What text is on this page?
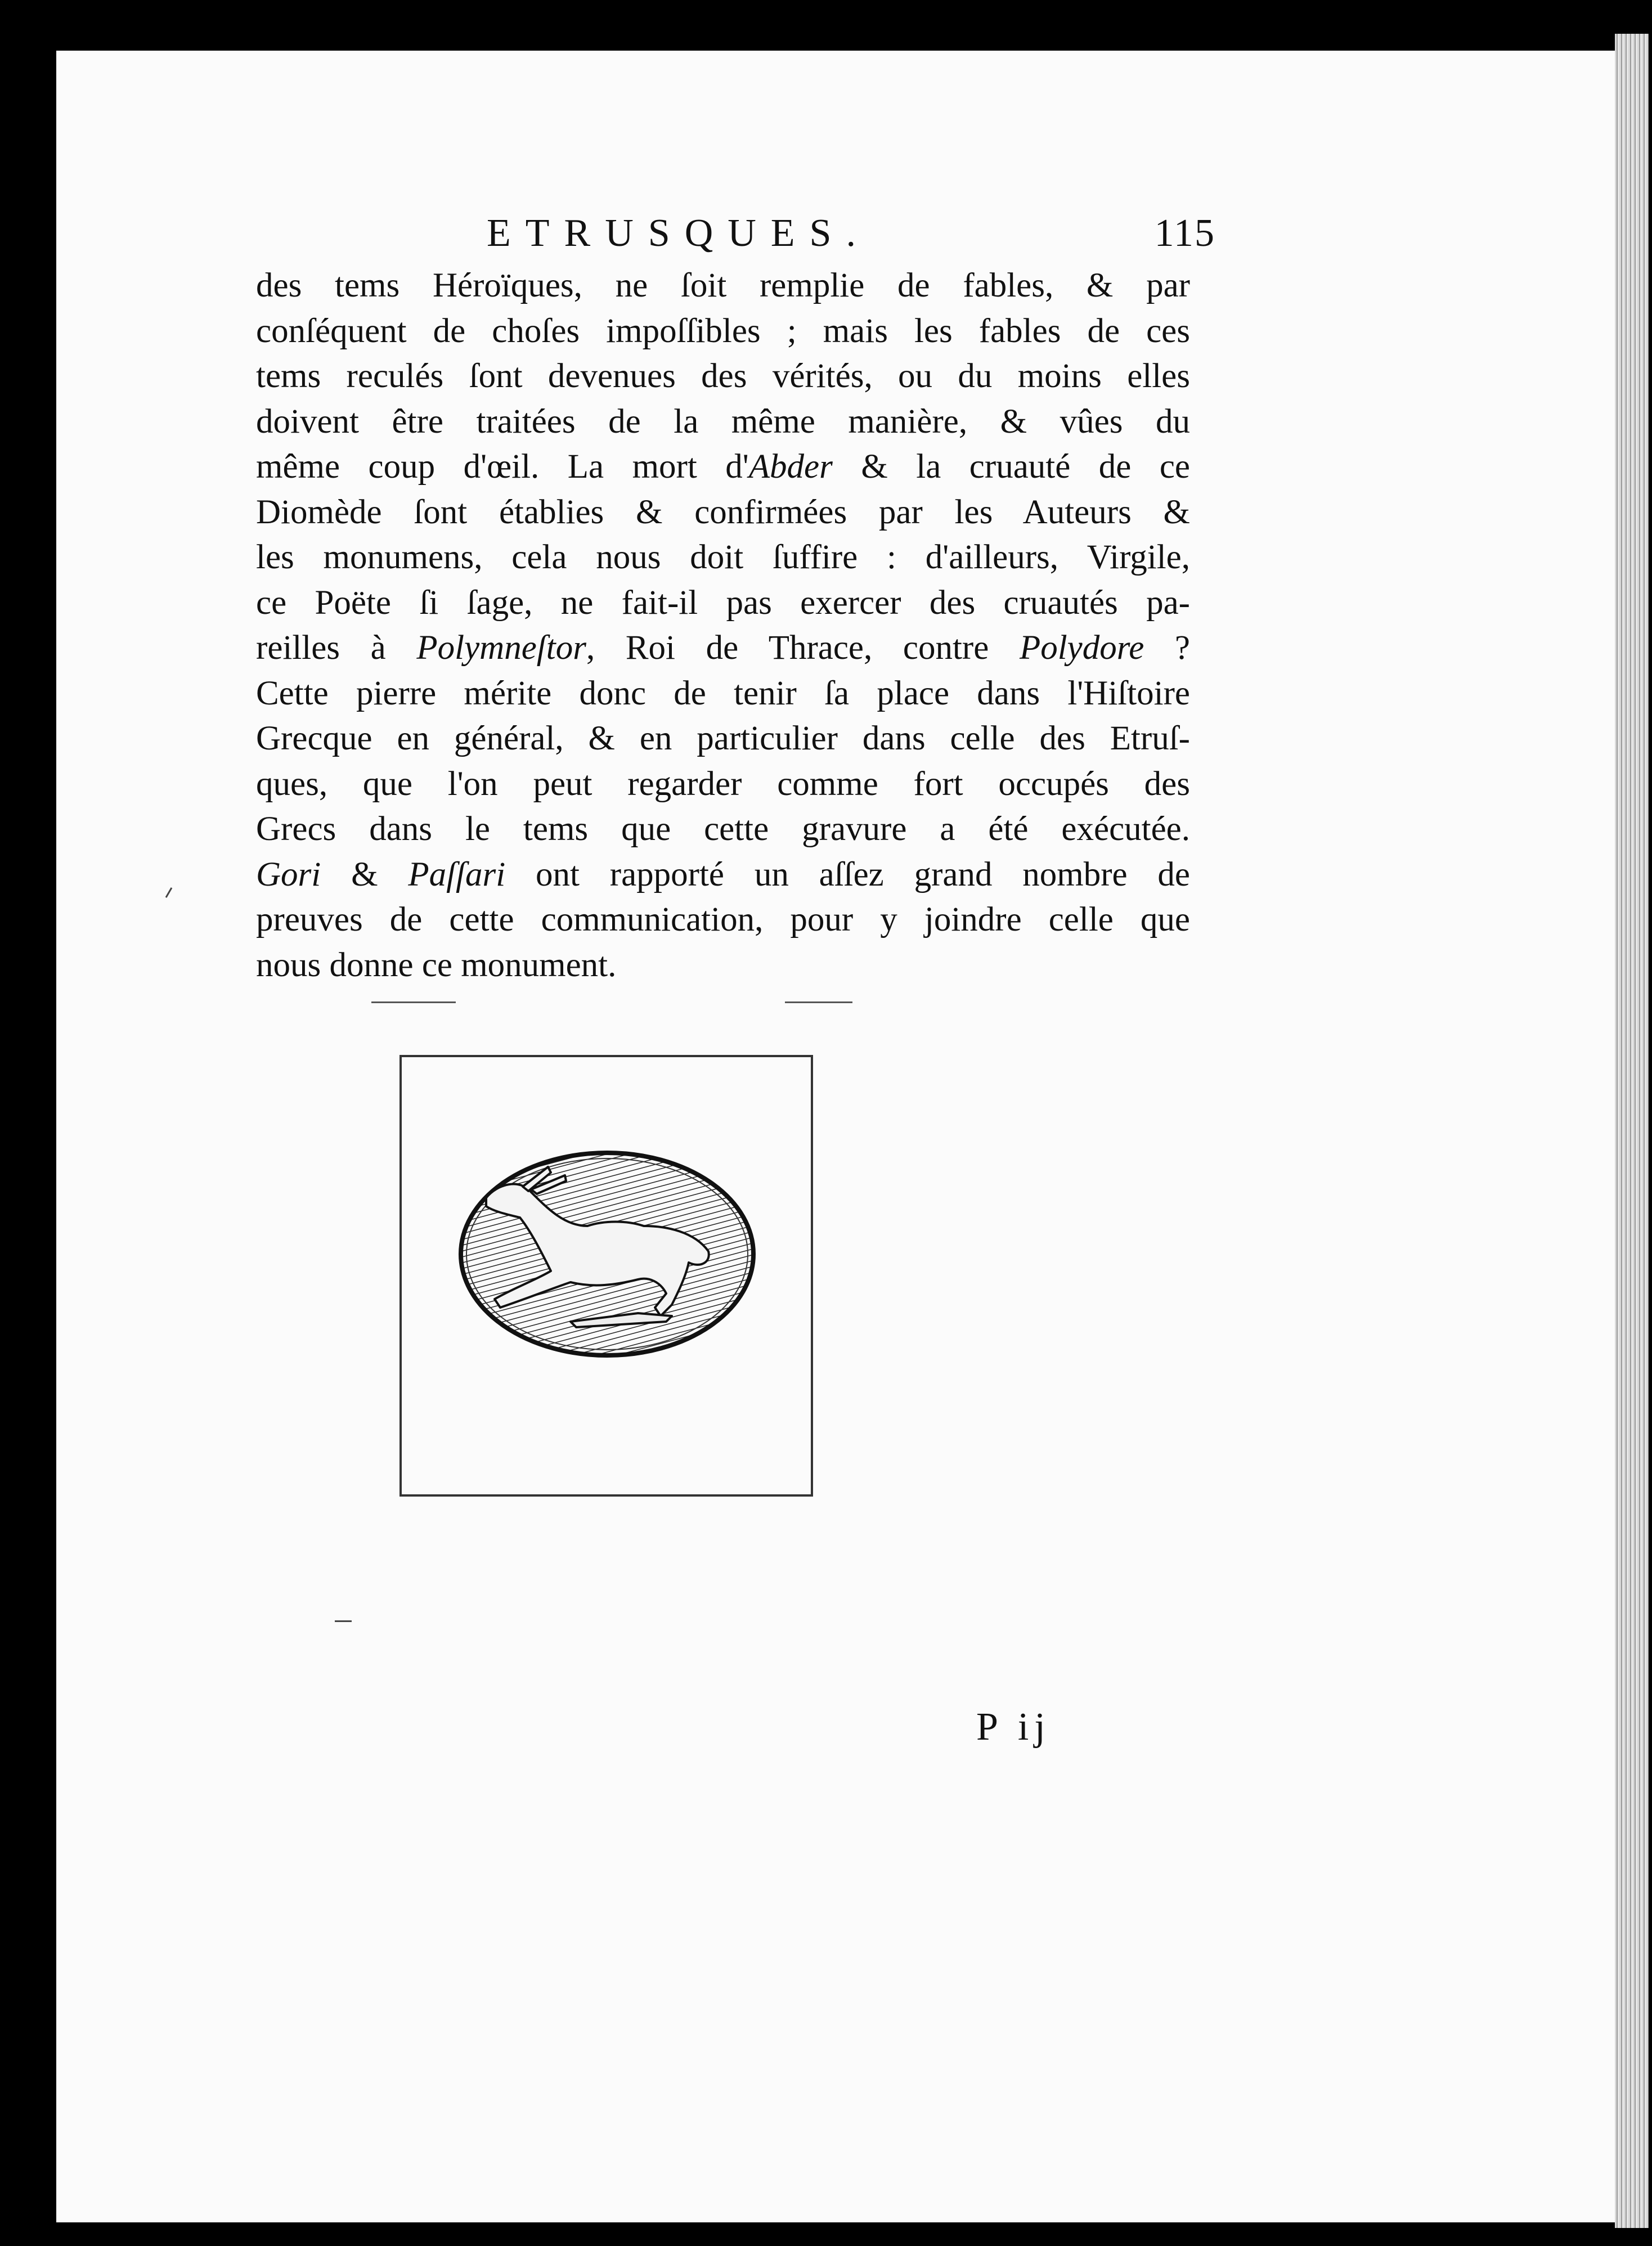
ETRUSQUES.	115
des tems Héroïques, ne ſoit remplie de fables, & par
conſéquent de choſes impoſſibles ; mais les fables de ces
tems reculés ſont devenues des vérités, ou du moins elles
doivent être traitées de la même manière, & vûes du
même coup d'œil. La mort d'Abder & la cruauté de ce
Diomède ſont établies & confirmées par les Auteurs &
les monumens, cela nous doit ſuffire : d'ailleurs, Virgile,
ce Poëte ſi ſage, ne fait-il pas exercer des cruautés pa-
reilles à Polymneſtor, Roi de Thrace, contre Polydore ?
Cette pierre mérite donc de tenir ſa place dans l'Hiſtoire
Grecque en général, & en particulier dans celle des Etruſ-
ques, que l'on peut regarder comme fort occupés des
Grecs dans le tems que cette gravure a été exécutée.
Gori & Paſſari ont rapporté un aſſez grand nombre de
preuves de cette communication, pour y joindre celle que
nous donne ce monument.
P ij
